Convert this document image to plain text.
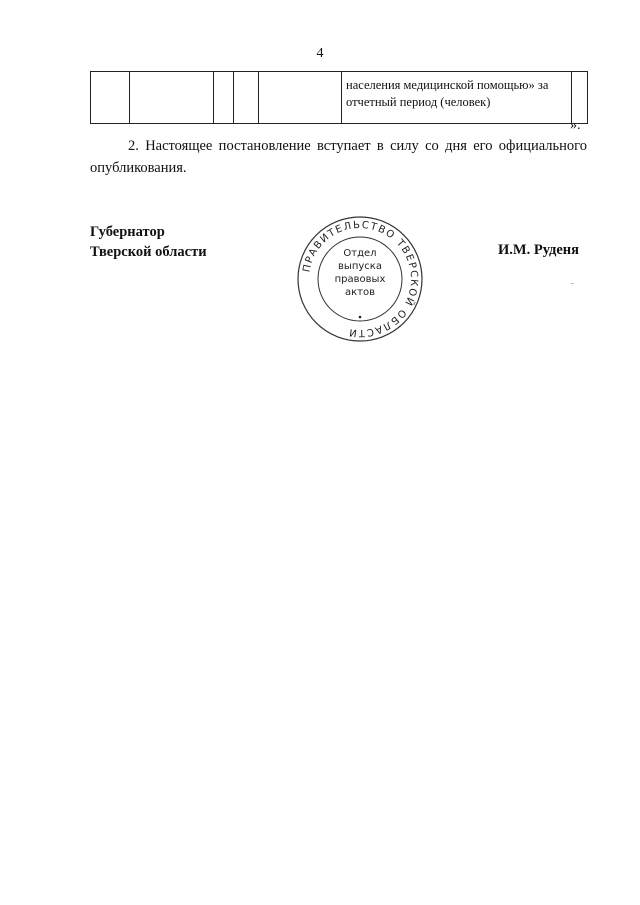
4

населения медицинской помощью» за
отчетный период (человек)

».
2. Настоящее постановление вступает в силу со дня его официального опубликования.
Губернатор
Тверской области	И.М. Руденя
ПРАВИТЕЛЬСТВО ТВЕРСКОЙ ОБЛАСТИ
Отдел
выпуска
правовых
актов
